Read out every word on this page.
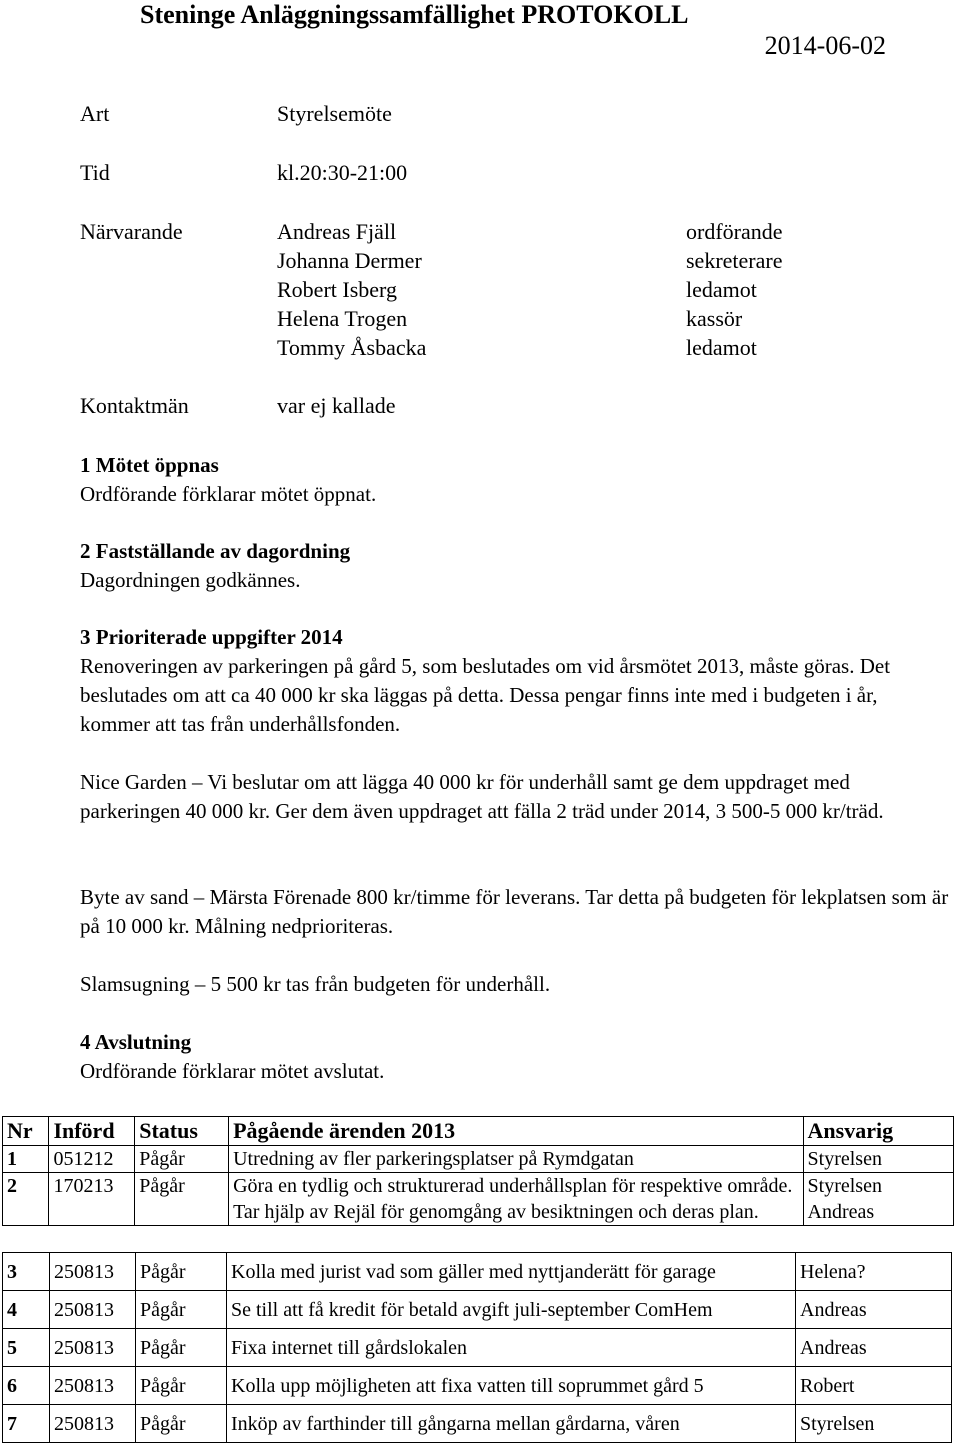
Steninge Anläggningssamfällighet PROTOKOLL
2014-06-02
Art	Styrelsemöte
Tid	kl.20:30-21:00
Närvarande	Andreas Fjäll	ordförande
Johanna Dermer	sekreterare
Robert Isberg	ledamot
Helena Trogen	kassör
Tommy Åsbacka	ledamot
Kontaktmän	var ej kallade
1 Mötet öppnas
Ordförande förklarar mötet öppnat.
2 Fastställande av dagordning
Dagordningen godkännes.
3 Prioriterade uppgifter 2014
Renoveringen av parkeringen på gård 5, som beslutades om vid årsmötet 2013, måste göras. Det beslutades om att ca 40 000 kr ska läggas på detta. Dessa pengar finns inte med i budgeten i år, kommer att tas från underhållsfonden.
Nice Garden – Vi beslutar om att lägga 40 000 kr för underhåll samt ge dem uppdraget med parkeringen 40 000 kr. Ger dem även uppdraget att fälla 2 träd under 2014, 3 500-5 000 kr/träd.
Byte av sand – Märsta Förenade 800 kr/timme för leverans. Tar detta på budgeten för lekplatsen som är på 10 000 kr. Målning nedprioriteras.
Slamsugning – 5 500 kr tas från budgeten för underhåll.
4 Avslutning
Ordförande förklarar mötet avslutat.
Nr	Införd	Status	Pågående ärenden 2013	Ansvarig
1	051212	Pågår	Utredning av fler parkeringsplatser på Rymdgatan	Styrelsen
2	170213	Pågår	Göra en tydlig och strukturerad underhållsplan för respektive område. Tar hjälp av Rejäl för genomgång av besiktningen och deras plan.	Styrelsen Andreas
3	250813	Pågår	Kolla med jurist vad som gäller med nyttjanderätt för garage	Helena?
4	250813	Pågår	Se till att få kredit för betald avgift juli-september ComHem	Andreas
5	250813	Pågår	Fixa internet till gårdslokalen	Andreas
6	250813	Pågår	Kolla upp möjligheten att fixa vatten till soprummet gård 5	Robert
7	250813	Pågår	Inköp av farthinder till gångarna mellan gårdarna, våren	Styrelsen
